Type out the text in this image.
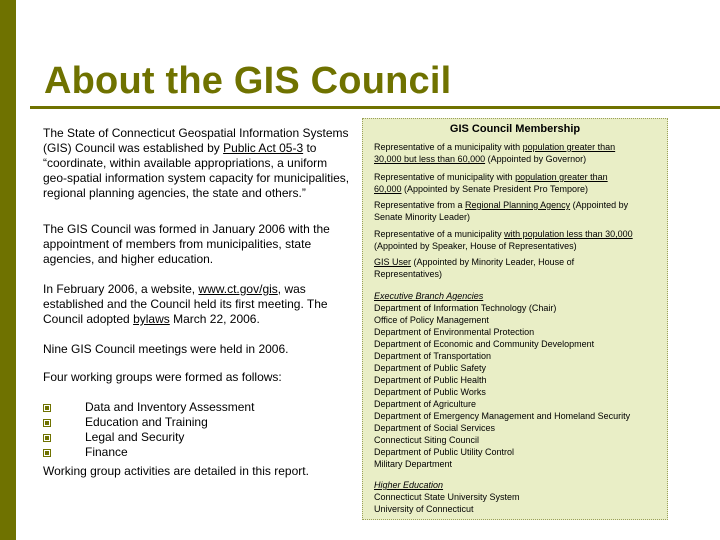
About the GIS Council

The State of Connecticut Geospatial Information Systems (GIS) Council was established by Public Act 05-3 to “coordinate, within available appropriations, a uniform geo-spatial information system capacity for municipalities, regional planning agencies, the state and others.”

The GIS Council was formed in January 2006 with the appointment of members from municipalities, state agencies, and higher education.

In February 2006, a website, www.ct.gov/gis, was established and the Council held its first meeting. The Council adopted bylaws March 22, 2006.

Nine GIS Council meetings were held in 2006.

Four working groups were formed as follows:

Data and Inventory Assessment
Education and Training
Legal and Security
Finance

Working group activities are detailed in this report.

GIS Council Membership
Representative of a municipality with population greater than
30,000 but less than 60,000 (Appointed by Governor)
Representative of municipality with population greater than
60,000 (Appointed by Senate President Pro Tempore)
Representative from a Regional Planning Agency (Appointed by
Senate Minority Leader)
Representative of a municipality with population less than 30,000
(Appointed by Speaker, House of Representatives)
GIS User (Appointed by Minority Leader, House of
Representatives)
Executive Branch Agencies
Department of Information Technology (Chair)
Office of Policy Management
Department of Environmental Protection
Department of Economic and Community Development
Department of Transportation
Department of Public Safety
Department of Public Health
Department of Public Works
Department of Agriculture
Department of Emergency Management and Homeland Security
Department of Social Services
Connecticut Siting Council
Department of Public Utility Control
Military Department
Higher Education
Connecticut State University System
University of Connecticut
